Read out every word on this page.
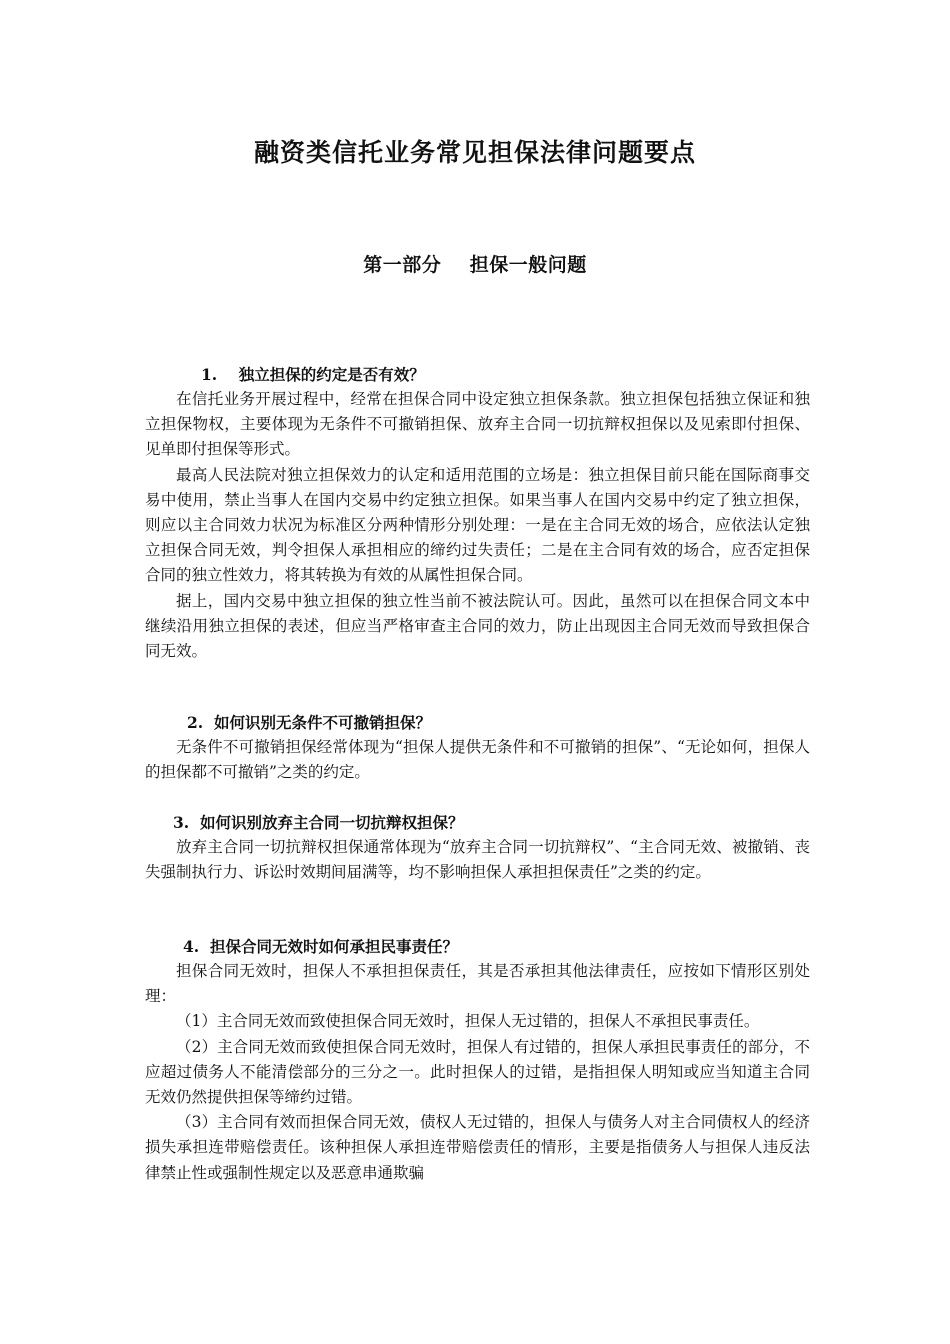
融资类信托业务常见担保法律问题要点
第一部分    担保一般问题
1.    独立担保的约定是否有效？

在信托业务开展过程中，经常在担保合同中设定独立担保条款。独立担保包括独立保证和独立担保物权，主要体现为无条件不可撤销担保、放弃主合同一切抗辩权担保以及见索即付担保、见单即付担保等形式。

最高人民法院对独立担保效力的认定和适用范围的立场是：独立担保目前只能在国际商事交易中使用，禁止当事人在国内交易中约定独立担保。如果当事人在国内交易中约定了独立担保，则应以主合同效力状况为标准区分两种情形分别处理：一是在主合同无效的场合，应依法认定独立担保合同无效，判令担保人承担相应的缔约过失责任；二是在主合同有效的场合，应否定担保合同的独立性效力，将其转换为有效的从属性担保合同。

据上，国内交易中独立担保的独立性当前不被法院认可。因此，虽然可以在担保合同文本中继续沿用独立担保的表述，但应当严格审查主合同的效力，防止出现因主合同无效而导致担保合同无效。

2.  如何识别无条件不可撤销担保？

无条件不可撤销担保经常体现为“担保人提供无条件和不可撤销的担保”、“无论如何，担保人的担保都不可撤销”之类的约定。

3.  如何识别放弃主合同一切抗辩权担保？

放弃主合同一切抗辩权担保通常体现为“放弃主合同一切抗辩权”、“主合同无效、被撤销、丧失强制执行力、诉讼时效期间届满等，均不影响担保人承担担保责任”之类的约定。

4.  担保合同无效时如何承担民事责任？

担保合同无效时，担保人不承担担保责任，其是否承担其他法律责任，应按如下情形区别处理：

（1）主合同无效而致使担保合同无效时，担保人无过错的，担保人不承担民事责任。

（2）主合同无效而致使担保合同无效时，担保人有过错的，担保人承担民事责任的部分，不应超过债务人不能清偿部分的三分之一。此时担保人的过错，是指担保人明知或应当知道主合同无效仍然提供担保等缔约过错。

（3）主合同有效而担保合同无效，债权人无过错的，担保人与债务人对主合同债权人的经济损失承担连带赔偿责任。该种担保人承担连带赔偿责任的情形，主要是指债务人与担保人违反法律禁止性或强制性规定以及恶意串通欺骗
